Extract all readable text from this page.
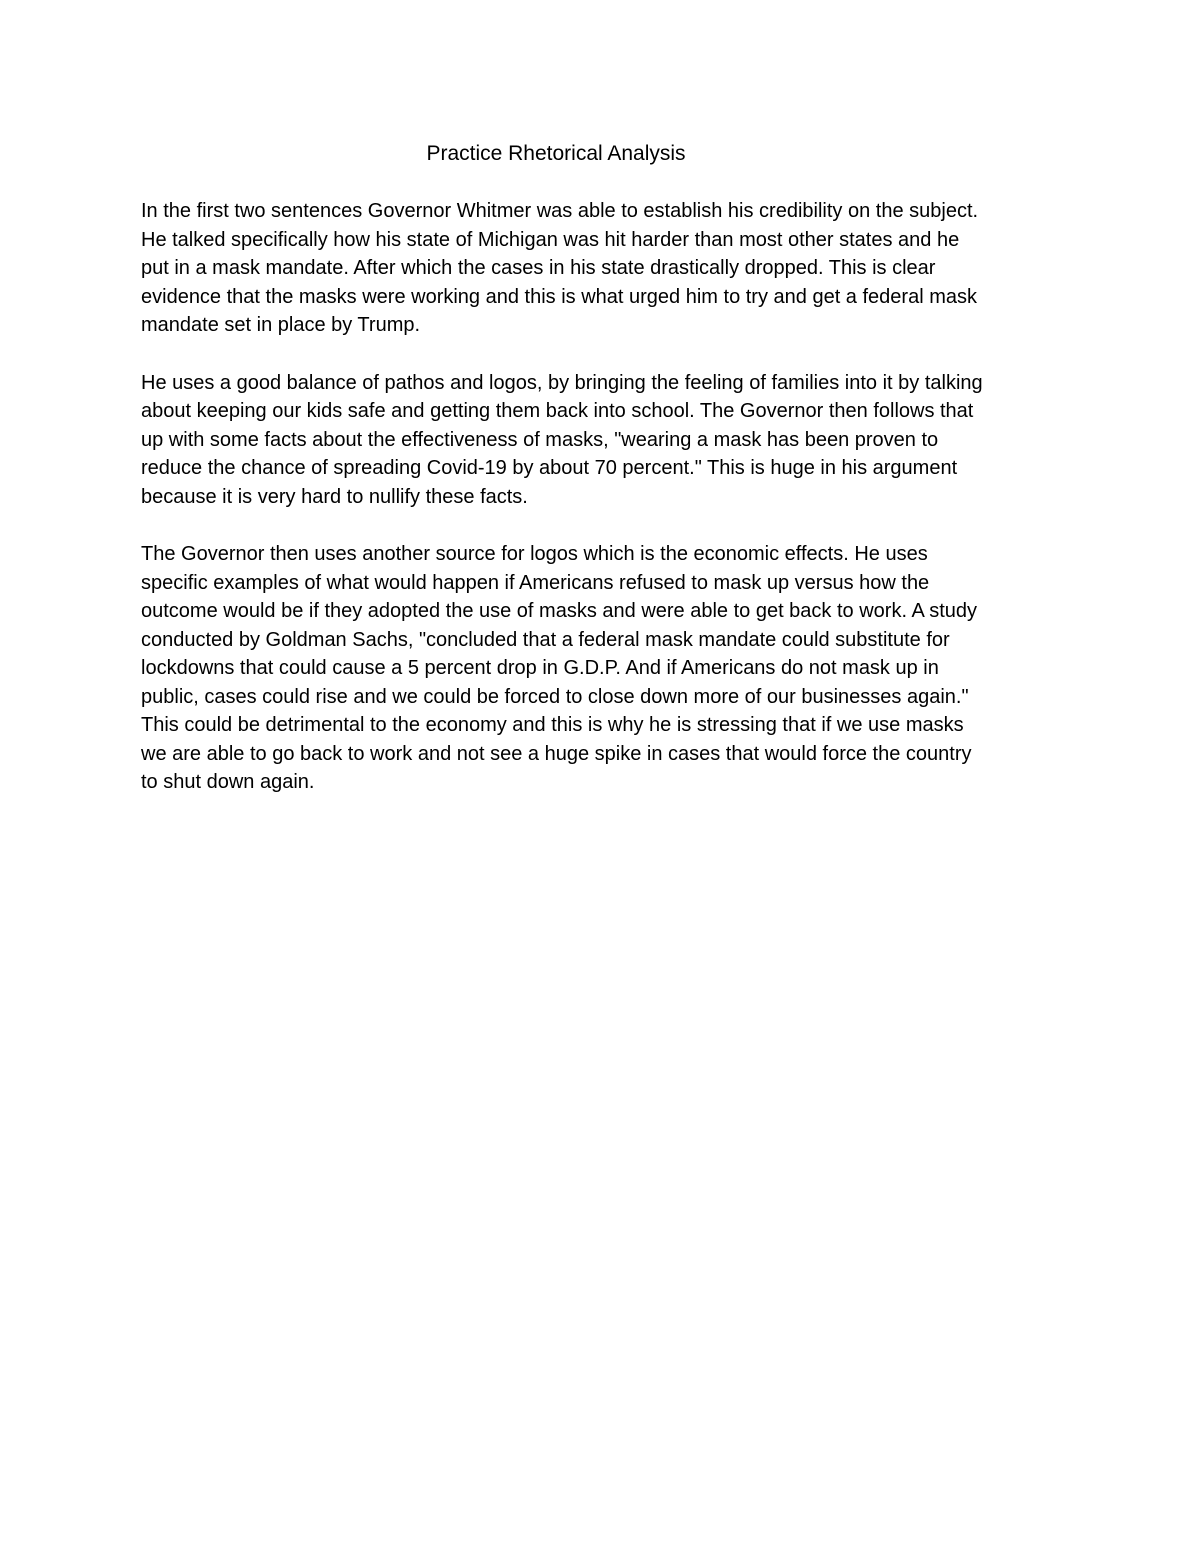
Practice Rhetorical Analysis

In the first two sentences Governor Whitmer was able to establish his credibility on the subject.
He talked specifically how his state of Michigan was hit harder than most other states and he
put in a mask mandate. After which the cases in his state drastically dropped. This is clear
evidence that the masks were working and this is what urged him to try and get a federal mask
mandate set in place by Trump.

He uses a good balance of pathos and logos, by bringing the feeling of families into it by talking
about keeping our kids safe and getting them back into school. The Governor then follows that
up with some facts about the effectiveness of masks, "wearing a mask has been proven to
reduce the chance of spreading Covid-19 by about 70 percent." This is huge in his argument
because it is very hard to nullify these facts.

The Governor then uses another source for logos which is the economic effects. He uses
specific examples of what would happen if Americans refused to mask up versus how the
outcome would be if they adopted the use of masks and were able to get back to work. A study
conducted by Goldman Sachs, "concluded that a federal mask mandate could substitute for
lockdowns that could cause a 5 percent drop in G.D.P. And if Americans do not mask up in
public, cases could rise and we could be forced to close down more of our businesses again."
This could be detrimental to the economy and this is why he is stressing that if we use masks
we are able to go back to work and not see a huge spike in cases that would force the country
to shut down again.
